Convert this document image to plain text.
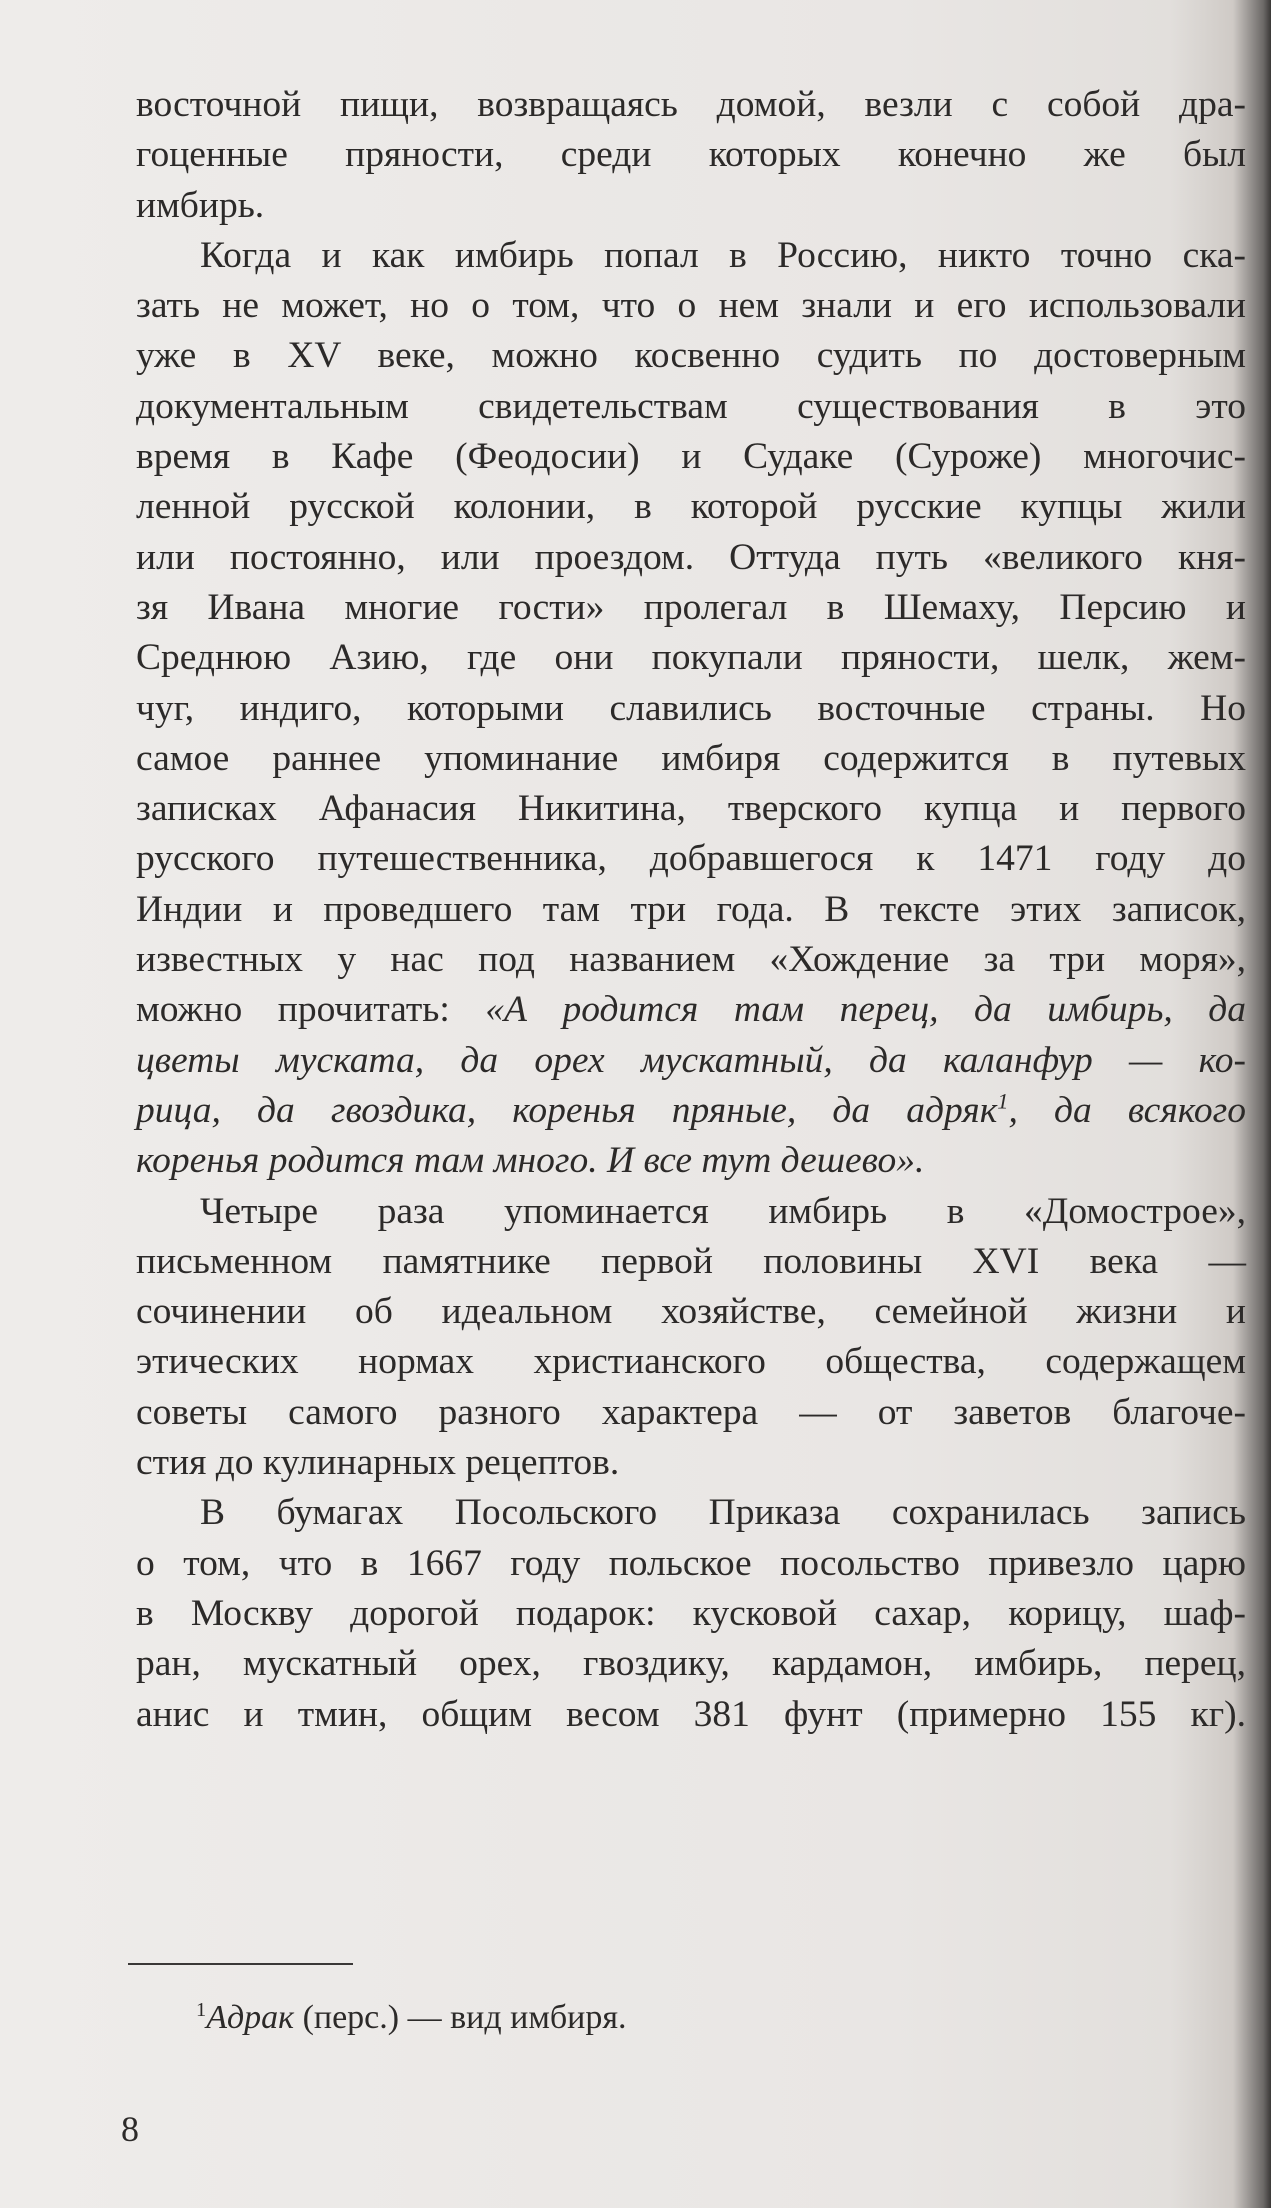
восточной пищи, возвращаясь домой, везли с собой дра-
гоценные пряности, среди которых конечно же был
имбирь.

Когда и как имбирь попал в Россию, никто точно ска-
зать не может, но о том, что о нем знали и его использовали
уже в XV веке, можно косвенно судить по достоверным
документальным свидетельствам существования в это
время в Кафе (Феодосии) и Судаке (Суроже) многочис-
ленной русской колонии, в которой русские купцы жили
или постоянно, или проездом. Оттуда путь «великого кня-
зя Ивана многие гости» пролегал в Шемаху, Персию и
Среднюю Азию, где они покупали пряности, шелк, жем-
чуг, индиго, которыми славились восточные страны. Но
самое раннее упоминание имбиря содержится в путевых
записках Афанасия Никитина, тверского купца и первого
русского путешественника, добравшегося к 1471 году до
Индии и проведшего там три года. В тексте этих записок,
известных у нас под названием «Хождение за три моря»,
можно прочитать: «А родится там перец, да имбирь, да
цветы муската, да орех мускатный, да каланфур — ко-
рица, да гвоздика, коренья пряные, да адряк$^1$, да всякого
коренья родится там много. И все тут дешево».

Четыре раза упоминается имбирь в «Домострое»,
письменном памятнике первой половины XVI века —
сочинении об идеальном хозяйстве, семейной жизни и
этических нормах христианского общества, содержащем
советы самого разного характера — от заветов благоче-
стия до кулинарных рецептов.

В бумагах Посольского Приказа сохранилась запись
о том, что в 1667 году польское посольство привезло царю
в Москву дорогой подарок: кусковой сахар, корицу, шаф-
ран, мускатный орех, гвоздику, кардамон, имбирь, перец,
анис и тмин, общим весом 381 фунт (примерно 155 кг).

$^1$Адрак (перс.) — вид имбиря.
8
